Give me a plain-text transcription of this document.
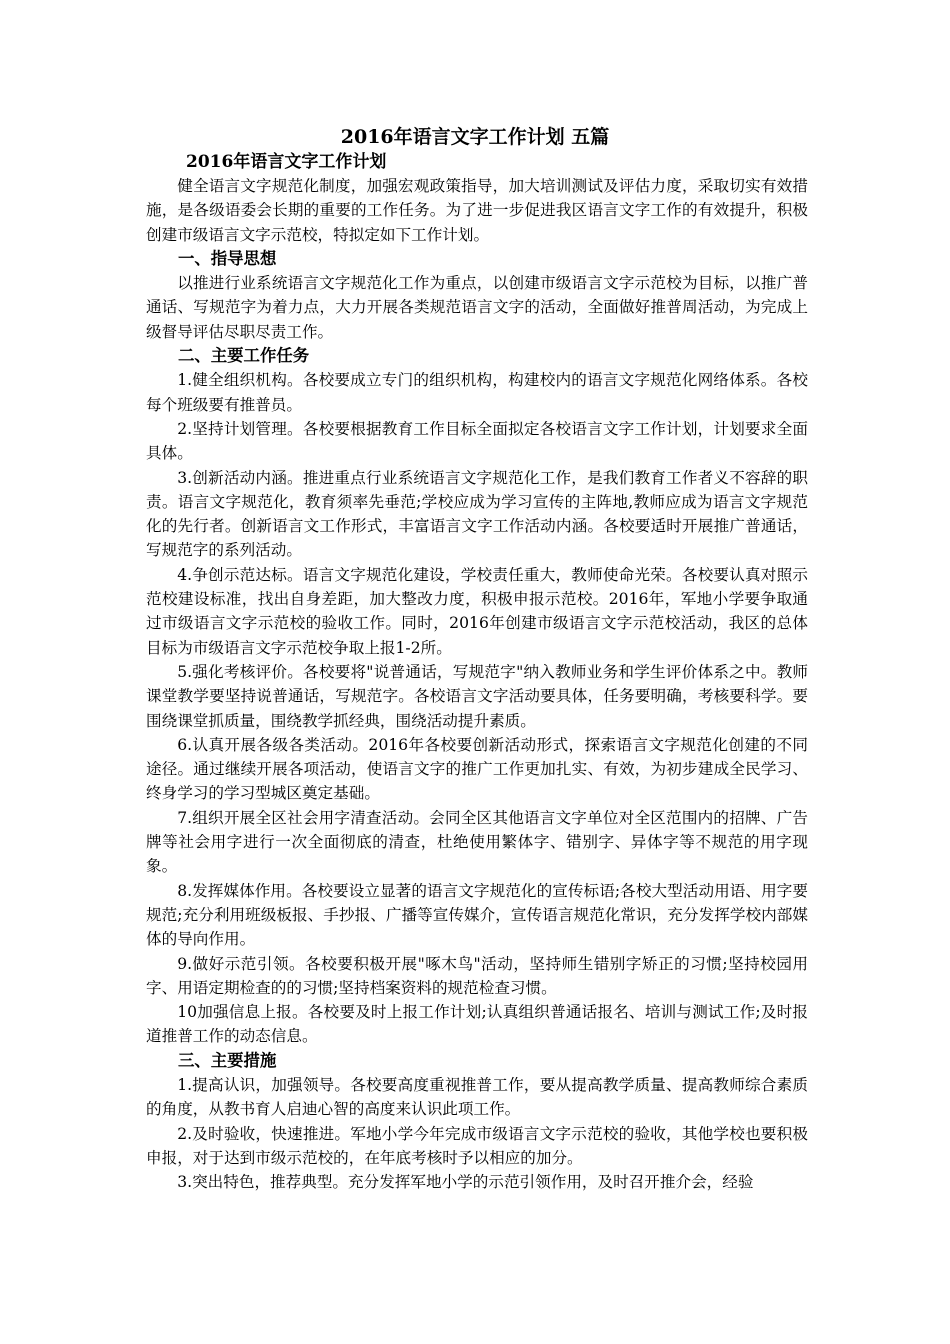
2016年语言文字工作计划 五篇
2016年语言文字工作计划

健全语言文字规范化制度，加强宏观政策指导，加大培训测试及评估力度，采取切实有效措施，是各级语委会长期的重要的工作任务。为了进一步促进我区语言文字工作的有效提升，积极创建市级语言文字示范校，特拟定如下工作计划。

一、指导思想

以推进行业系统语言文字规范化工作为重点，以创建市级语言文字示范校为目标，以推广普通话、写规范字为着力点，大力开展各类规范语言文字的活动，全面做好推普周活动，为完成上级督导评估尽职尽责工作。

二、主要工作任务

1.健全组织机构。各校要成立专门的组织机构，构建校内的语言文字规范化网络体系。各校每个班级要有推普员。

2.坚持计划管理。各校要根据教育工作目标全面拟定各校语言文字工作计划，计划要求全面具体。

3.创新活动内涵。推进重点行业系统语言文字规范化工作，是我们教育工作者义不容辞的职责。语言文字规范化，教育须率先垂范;学校应成为学习宣传的主阵地,教师应成为语言文字规范化的先行者。创新语言文工作形式，丰富语言文字工作活动内涵。各校要适时开展推广普通话，写规范字的系列活动。

4.争创示范达标。语言文字规范化建设，学校责任重大，教师使命光荣。各校要认真对照示范校建设标准，找出自身差距，加大整改力度，积极申报示范校。2016年，军地小学要争取通过市级语言文字示范校的验收工作。同时，2016年创建市级语言文字示范校活动，我区的总体目标为市级语言文字示范校争取上报1-2所。

5.强化考核评价。各校要将"说普通话，写规范字"纳入教师业务和学生评价体系之中。教师课堂教学要坚持说普通话，写规范字。各校语言文字活动要具体，任务要明确，考核要科学。要围绕课堂抓质量，围绕教学抓经典，围绕活动提升素质。

6.认真开展各级各类活动。2016年各校要创新活动形式，探索语言文字规范化创建的不同途径。通过继续开展各项活动，使语言文字的推广工作更加扎实、有效，为初步建成全民学习、终身学习的学习型城区奠定基础。

7.组织开展全区社会用字清查活动。会同全区其他语言文字单位对全区范围内的招牌、广告牌等社会用字进行一次全面彻底的清查，杜绝使用繁体字、错别字、异体字等不规范的用字现象。

8.发挥媒体作用。各校要设立显著的语言文字规范化的宣传标语;各校大型活动用语、用字要规范;充分利用班级板报、手抄报、广播等宣传媒介，宣传语言规范化常识，充分发挥学校内部媒体的导向作用。

9.做好示范引领。各校要积极开展"啄木鸟"活动，坚持师生错别字矫正的习惯;坚持校园用字、用语定期检查的的习惯;坚持档案资料的规范检查习惯。

10加强信息上报。各校要及时上报工作计划;认真组织普通话报名、培训与测试工作;及时报道推普工作的动态信息。

三、主要措施

1.提高认识，加强领导。各校要高度重视推普工作，要从提高教学质量、提高教师综合素质的角度，从教书育人启迪心智的高度来认识此项工作。

2.及时验收，快速推进。军地小学今年完成市级语言文字示范校的验收，其他学校也要积极申报，对于达到市级示范校的，在年底考核时予以相应的加分。

3.突出特色，推荐典型。充分发挥军地小学的示范引领作用，及时召开推介会，经验
